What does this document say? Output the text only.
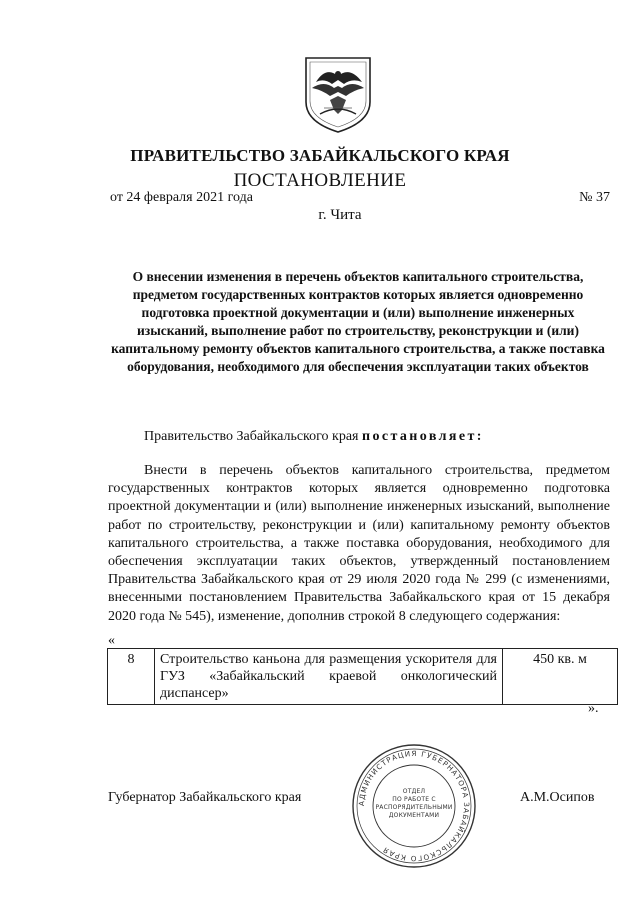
ПРАВИТЕЛЬСТВО ЗАБАЙКАЛЬСКОГО КРАЯ
ПОСТАНОВЛЕНИЕ
от 24 февраля 2021 года	№ 37
г. Чита
О внесении изменения в перечень объектов капитального строительства, предметом государственных контрактов которых является одновременно подготовка проектной документации и (или) выполнение инженерных изысканий, выполнение работ по строительству, реконструкции и (или) капитальному ремонту объектов капитального строительства, а также поставка оборудования, необходимого для обеспечения эксплуатации таких объектов
Правительство Забайкальского края постановляет:
Внести в перечень объектов капитального строительства, предметом государственных контрактов которых является одновременно подготовка проектной документации и (или) выполнение инженерных изысканий, выполнение работ по строительству, реконструкции и (или) капитальному ремонту объектов капитального строительства, а также поставка оборудования, необходимого для обеспечения эксплуатации таких объектов, утвержденный постановлением Правительства Забайкальского края от 29 июля 2020 года № 299 (с изменениями, внесенными постановлением Правительства Забайкальского края от 15 декабря 2020 года № 545), изменение, дополнив строкой 8 следующего содержания:
«
8	Строительство каньона для размещения ускорителя для ГУЗ «Забайкальский краевой онкологический диспансер»	450 кв. м
».
Губернатор Забайкальского края	А.М.Осипов
АДМИНИСТРАЦИЯ ГУБЕРНАТОРА ЗАБАЙКАЛЬСКОГО КРАЯ
ОТДЕЛ
ПО РАБОТЕ С
РАСПОРЯДИТЕЛЬНЫМИ
ДОКУМЕНТАМИ
